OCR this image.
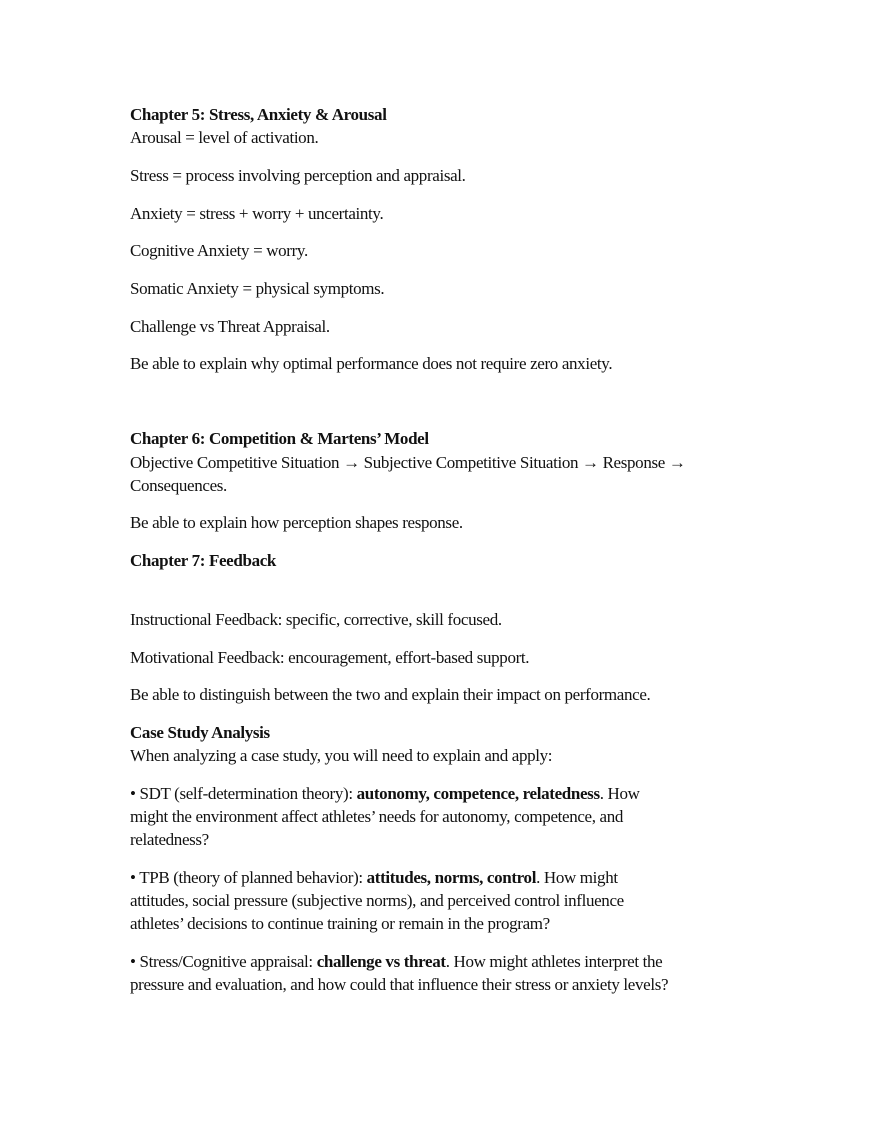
Chapter 5: Stress, Anxiety & Arousal
Arousal = level of activation.
Stress = process involving perception and appraisal.
Anxiety = stress + worry + uncertainty.
Cognitive Anxiety = worry.
Somatic Anxiety = physical symptoms.
Challenge vs Threat Appraisal.
Be able to explain why optimal performance does not require zero anxiety.
Chapter 6: Competition & Martens’ Model
Objective Competitive Situation → Subjective Competitive Situation → Response →
Consequences.
Be able to explain how perception shapes response.
Chapter 7: Feedback
Instructional Feedback: specific, corrective, skill focused.
Motivational Feedback: encouragement, effort-based support.
Be able to distinguish between the two and explain their impact on performance.
Case Study Analysis
When analyzing a case study, you will need to explain and apply:
• SDT (self-determination theory): autonomy, competence, relatedness. How
might the environment affect athletes’ needs for autonomy, competence, and
relatedness?
• TPB (theory of planned behavior): attitudes, norms, control. How might
attitudes, social pressure (subjective norms), and perceived control influence
athletes’ decisions to continue training or remain in the program?
• Stress/Cognitive appraisal: challenge vs threat. How might athletes interpret the
pressure and evaluation, and how could that influence their stress or anxiety levels?
